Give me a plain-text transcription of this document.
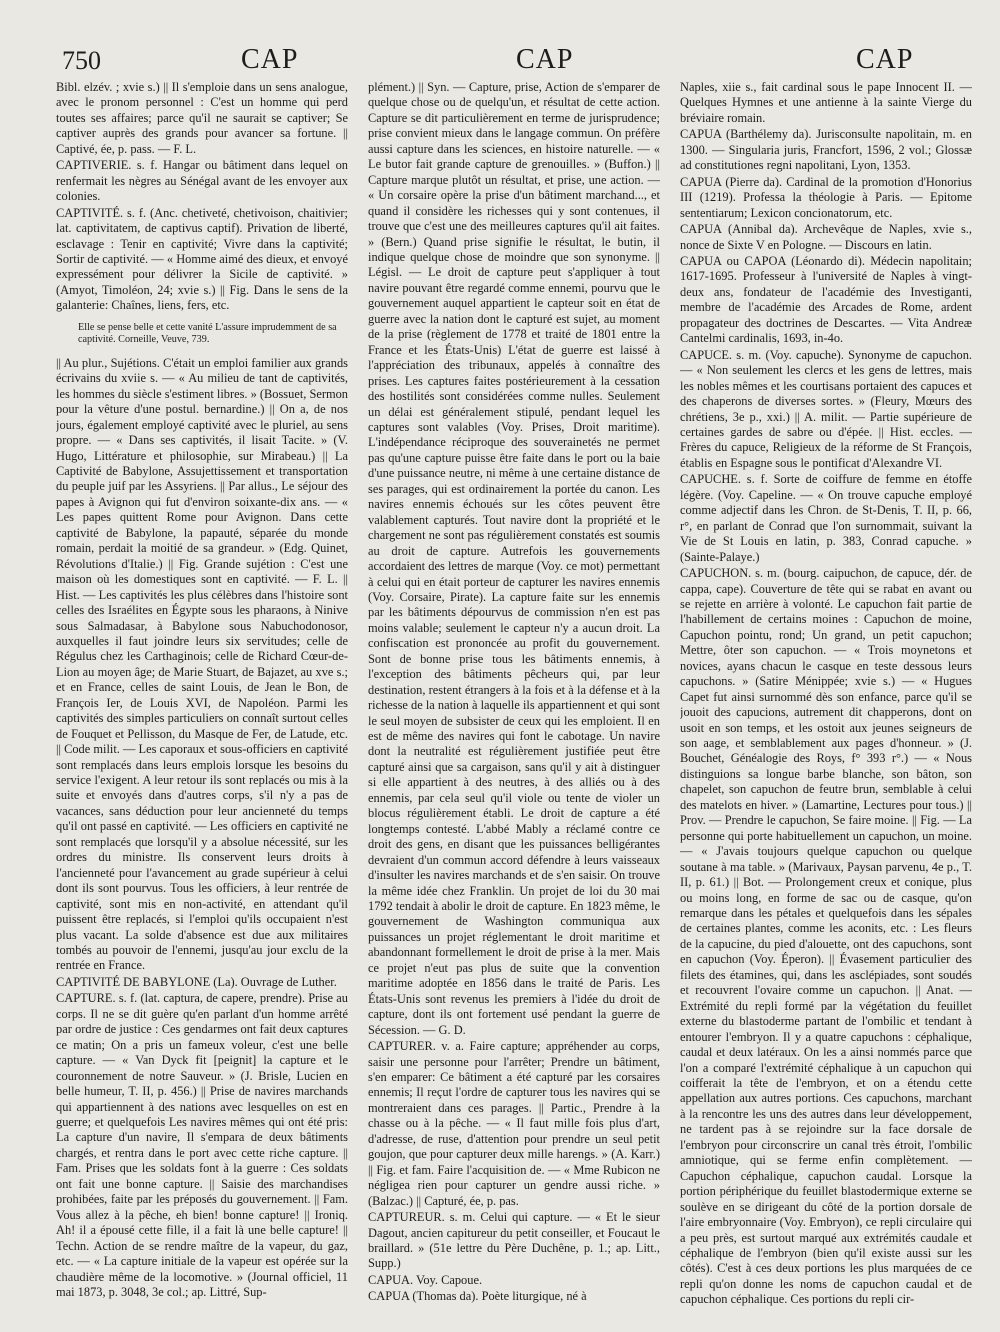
750	CAP	CAP	CAP

Bibl. elzév. ; xvie s.) || Il s'emploie dans un sens analogue, avec le pronom personnel : C'est un homme qui perd toutes ses affaires; parce qu'il ne saurait se captiver; Se captiver auprès des grands pour avancer sa fortune. || Captivé, ée, p. pass. — F. L.

CAPTIVERIE. s. f. Hangar ou bâtiment dans lequel on renfermait les nègres au Sénégal avant de les envoyer aux colonies.

CAPTIVITÉ. s. f. (Anc. chetiveté, chetivoison, chaitivier; lat. captivitatem, de captivus captif). Privation de liberté, esclavage : Tenir en captivité; Vivre dans la captivité; Sortir de captivité. — « Homme aimé des dieux, et envoyé expressément pour délivrer la Sicile de captivité. » (Amyot, Timoléon, 24; xvie s.) || Fig. Dans le sens de la galanterie: Chaînes, liens, fers, etc.

Elle se pense belle et cette vanité L'assure imprudemment de sa captivité. Corneille, Veuve, 739.

|| Au plur., Sujétions. C'était un emploi familier aux grands écrivains du xviie s. — « Au milieu de tant de captivités, les hommes du siècle s'estiment libres. » (Bossuet, Sermon pour la vêture d'une postul. bernardine.) || On a, de nos jours, également employé captivité avec le pluriel, au sens propre. — « Dans ses captivités, il lisait Tacite. » (V. Hugo, Littérature et philosophie, sur Mirabeau.) || La Captivité de Babylone, Assujettissement et transportation du peuple juif par les Assyriens. || Par allus., Le séjour des papes à Avignon qui fut d'environ soixante-dix ans. — « Les papes quittent Rome pour Avignon. Dans cette captivité de Babylone, la papauté, séparée du monde romain, perdait la moitié de sa grandeur. » (Edg. Quinet, Révolutions d'Italie.) || Fig. Grande sujétion : C'est une maison où les domestiques sont en captivité. — F. L. || Hist. — Les captivités les plus célèbres dans l'histoire sont celles des Israélites en Égypte sous les pharaons, à Ninive sous Salmadasar, à Babylone sous Nabuchodonosor, auxquelles il faut joindre leurs six servitudes; celle de Régulus chez les Carthaginois; celle de Richard Cœur-de-Lion au moyen âge; de Marie Stuart, de Bajazet, au xve s.; et en France, celles de saint Louis, de Jean le Bon, de François Ier, de Louis XVI, de Napoléon. Parmi les captivités des simples particuliers on connaît surtout celles de Fouquet et Pellisson, du Masque de Fer, de Latude, etc. || Code milit. — Les caporaux et sous-officiers en captivité sont remplacés dans leurs emplois lorsque les besoins du service l'exigent. A leur retour ils sont replacés ou mis à la suite et envoyés dans d'autres corps, s'il n'y a pas de vacances, sans déduction pour leur ancienneté du temps qu'il ont passé en captivité. — Les officiers en captivité ne sont remplacés que lorsqu'il y a absolue nécessité, sur les ordres du ministre. Ils conservent leurs droits à l'ancienneté pour l'avancement au grade supérieur à celui dont ils sont pourvus. Tous les officiers, à leur rentrée de captivité, sont mis en non-activité, en attendant qu'il puissent être replacés, si l'emploi qu'ils occupaient n'est plus vacant. La solde d'absence est due aux militaires tombés au pouvoir de l'ennemi, jusqu'au jour exclu de la rentrée en France.

CAPTIVITÉ DE BABYLONE (La). Ouvrage de Luther.

CAPTURE. s. f. (lat. captura, de capere, prendre). Prise au corps. Il ne se dit guère qu'en parlant d'un homme arrêté par ordre de justice : Ces gendarmes ont fait deux captures ce matin; On a pris un fameux voleur, c'est une belle capture. — « Van Dyck fit [peignit] la capture et le couronnement de notre Sauveur. » (J. Brisle, Lucien en belle humeur, T. II, p. 456.) || Prise de navires marchands qui appartiennent à des nations avec lesquelles on est en guerre; et quelquefois Les navires mêmes qui ont été pris: La capture d'un navire, Il s'empara de deux bâtiments chargés, et rentra dans le port avec cette riche capture. || Fam. Prises que les soldats font à la guerre : Ces soldats ont fait une bonne capture. || Saisie des marchandises prohibées, faite par les préposés du gouvernement. || Fam. Vous allez à la pêche, eh bien! bonne capture! || Ironiq. Ah! il a épousé cette fille, il a fait là une belle capture! || Techn. Action de se rendre maître de la vapeur, du gaz, etc. — « La capture initiale de la vapeur est opérée sur la chaudière même de la locomotive. » (Journal officiel, 11 mai 1873, p. 3048, 3e col.; ap. Littré, Sup-

plément.) || Syn. — Capture, prise, Action de s'emparer de quelque chose ou de quelqu'un, et résultat de cette action. Capture se dit particulièrement en terme de jurisprudence; prise convient mieux dans le langage commun. On préfère aussi capture dans les sciences, en histoire naturelle. — « Le butor fait grande capture de grenouilles. » (Buffon.) || Capture marque plutôt un résultat, et prise, une action. — « Un corsaire opère la prise d'un bâtiment marchand..., et quand il considère les richesses qui y sont contenues, il trouve que c'est une des meilleures captures qu'il ait faites. » (Bern.) Quand prise signifie le résultat, le butin, il indique quelque chose de moindre que son synonyme. || Législ. — Le droit de capture peut s'appliquer à tout navire pouvant être regardé comme ennemi, pourvu que le gouvernement auquel appartient le capteur soit en état de guerre avec la nation dont le capturé est sujet, au moment de la prise (règlement de 1778 et traité de 1801 entre la France et les États-Unis) L'état de guerre est laissé à l'appréciation des tribunaux, appelés à connaître des prises. Les captures faites postérieurement à la cessation des hostilités sont considérées comme nulles. Seulement un délai est généralement stipulé, pendant lequel les captures sont valables (Voy. Prises, Droit maritime). L'indépendance réciproque des souverainetés ne permet pas qu'une capture puisse être faite dans le port ou la baie d'une puissance neutre, ni même à une certaine distance de ses parages, qui est ordinairement la portée du canon. Les navires ennemis échoués sur les côtes peuvent être valablement capturés. Tout navire dont la propriété et le chargement ne sont pas régulièrement constatés est soumis au droit de capture. Autrefois les gouvernements accordaient des lettres de marque (Voy. ce mot) permettant à celui qui en était porteur de capturer les navires ennemis (Voy. Corsaire, Pirate). La capture faite sur les ennemis par les bâtiments dépourvus de commission n'en est pas moins valable; seulement le capteur n'y a aucun droit. La confiscation est prononcée au profit du gouvernement. Sont de bonne prise tous les bâtiments ennemis, à l'exception des bâtiments pêcheurs qui, par leur destination, restent étrangers à la fois et à la défense et à la richesse de la nation à laquelle ils appartiennent et qui sont le seul moyen de subsister de ceux qui les emploient. Il en est de même des navires qui font le cabotage. Un navire dont la neutralité est régulièrement justifiée peut être capturé ainsi que sa cargaison, sans qu'il y ait à distinguer si elle appartient à des neutres, à des alliés ou à des ennemis, par cela seul qu'il viole ou tente de violer un blocus régulièrement établi. Le droit de capture a été longtemps contesté. L'abbé Mably a réclamé contre ce droit des gens, en disant que les puissances belligérantes devraient d'un commun accord défendre à leurs vaisseaux d'insulter les navires marchands et de s'en saisir. On trouve la même idée chez Franklin. Un projet de loi du 30 mai 1792 tendait à abolir le droit de capture. En 1823 même, le gouvernement de Washington communiqua aux puissances un projet réglementant le droit maritime et abandonnant formellement le droit de prise à la mer. Mais ce projet n'eut pas plus de suite que la convention maritime adoptée en 1856 dans le traité de Paris. Les États-Unis sont revenus les premiers à l'idée du droit de capture, dont ils ont fortement usé pendant la guerre de Sécession. — G. D.

CAPTURER. v. a. Faire capture; appréhender au corps, saisir une personne pour l'arrêter; Prendre un bâtiment, s'en emparer: Ce bâtiment a été capturé par les corsaires ennemis; Il reçut l'ordre de capturer tous les navires qui se montreraient dans ces parages. || Partic., Prendre à la chasse ou à la pêche. — « Il faut mille fois plus d'art, d'adresse, de ruse, d'attention pour prendre un seul petit goujon, que pour capturer deux mille harengs. » (A. Karr.) || Fig. et fam. Faire l'acquisition de. — « Mme Rubicon ne négligea rien pour capturer un gendre aussi riche. » (Balzac.) || Capturé, ée, p. pas.

CAPTUREUR. s. m. Celui qui capture. — « Et le sieur Dagout, ancien capitureur du petit conseiller, et Foucaut le braillard. » (51e lettre du Père Duchêne, p. 1.; ap. Litt., Supp.)

CAPUA. Voy. Capoue.

CAPUA (Thomas da). Poète liturgique, né à

Naples, xiie s., fait cardinal sous le pape Innocent II. — Quelques Hymnes et une antienne à la sainte Vierge du bréviaire romain.

CAPUA (Barthélemy da). Jurisconsulte napolitain, m. en 1300. — Singularia juris, Francfort, 1596, 2 vol.; Glossæ ad constitutiones regni napolitani, Lyon, 1353.

CAPUA (Pierre da). Cardinal de la promotion d'Honorius III (1219). Professa la théologie à Paris. — Epitome sententiarum; Lexicon concionatorum, etc.

CAPUA (Annibal da). Archevêque de Naples, xvie s., nonce de Sixte V en Pologne. — Discours en latin.

CAPUA ou CAPOA (Léonardo di). Médecin napolitain; 1617-1695. Professeur à l'université de Naples à vingt-deux ans, fondateur de l'académie des Investiganti, membre de l'académie des Arcades de Rome, ardent propagateur des doctrines de Descartes. — Vita Andreæ Cantelmi cardinalis, 1693, in-4o.

CAPUCE. s. m. (Voy. capuche). Synonyme de capuchon. — « Non seulement les clercs et les gens de lettres, mais les nobles mêmes et les courtisans portaient des capuces et des chaperons de diverses sortes. » (Fleury, Mœurs des chrétiens, 3e p., xxi.) || A. milit. — Partie supérieure de certaines gardes de sabre ou d'épée. || Hist. eccles. — Frères du capuce, Religieux de la réforme de St François, établis en Espagne sous le pontificat d'Alexandre VI.

CAPUCHE. s. f. Sorte de coiffure de femme en étoffe légère. (Voy. Capeline. — « On trouve capuche employé comme adjectif dans les Chron. de St-Denis, T. II, p. 66, r°, en parlant de Conrad que l'on surnommait, suivant la Vie de St Louis en latin, p. 383, Conrad capuche. » (Sainte-Palaye.)

CAPUCHON. s. m. (bourg. caipuchon, de capuce, dér. de cappa, cape). Couverture de tête qui se rabat en avant ou se rejette en arrière à volonté. Le capuchon fait partie de l'habillement de certains moines : Capuchon de moine, Capuchon pointu, rond; Un grand, un petit capuchon; Mettre, ôter son capuchon. — « Trois moynetons et novices, ayans chacun le casque en teste dessous leurs capuchons. » (Satire Ménippée; xvie s.) — « Hugues Capet fut ainsi surnommé dès son enfance, parce qu'il se jouoit des capucions, autrement dit chapperons, dont on usoit en son temps, et les ostoit aux jeunes seigneurs de son aage, et semblablement aux pages d'honneur. » (J. Bouchet, Généalogie des Roys, f° 393 r°.) — « Nous distinguions sa longue barbe blanche, son bâton, son chapelet, son capuchon de feutre brun, semblable à celui des matelots en hiver. » (Lamartine, Lectures pour tous.) || Prov. — Prendre le capuchon, Se faire moine. || Fig. — La personne qui porte habituellement un capuchon, un moine. — « J'avais toujours quelque capuchon ou quelque soutane à ma table. » (Marivaux, Paysan parvenu, 4e p., T. II, p. 61.) || Bot. — Prolongement creux et conique, plus ou moins long, en forme de sac ou de casque, qu'on remarque dans les pétales et quelquefois dans les sépales de certaines plantes, comme les aconits, etc. : Les fleurs de la capucine, du pied d'alouette, ont des capuchons, sont en capuchon (Voy. Éperon). || Évasement particulier des filets des étamines, qui, dans les asclépiades, sont soudés et recouvrent l'ovaire comme un capuchon. || Anat. — Extrémité du repli formé par la végétation du feuillet externe du blastoderme partant de l'ombilic et tendant à entourer l'embryon. Il y a quatre capuchons : céphalique, caudal et deux latéraux. On les a ainsi nommés parce que l'on a comparé l'extrémité céphalique à un capuchon qui coifferait la tête de l'embryon, et on a étendu cette appellation aux autres portions. Ces capuchons, marchant à la rencontre les uns des autres dans leur développement, ne tardent pas à se rejoindre sur la face dorsale de l'embryon pour circonscrire un canal très étroit, l'ombilic amniotique, qui se ferme enfin complètement. — Capuchon céphalique, capuchon caudal. Lorsque la portion périphérique du feuillet blastodermique externe se soulève en se dirigeant du côté de la portion dorsale de l'aire embryonnaire (Voy. Embryon), ce repli circulaire qui a peu près, est surtout marqué aux extrémités caudale et céphalique de l'embryon (bien qu'il existe aussi sur les côtés). C'est à ces deux portions les plus marquées de ce repli qu'on donne les noms de capuchon caudal et de capuchon céphalique. Ces portions du repli cir-
